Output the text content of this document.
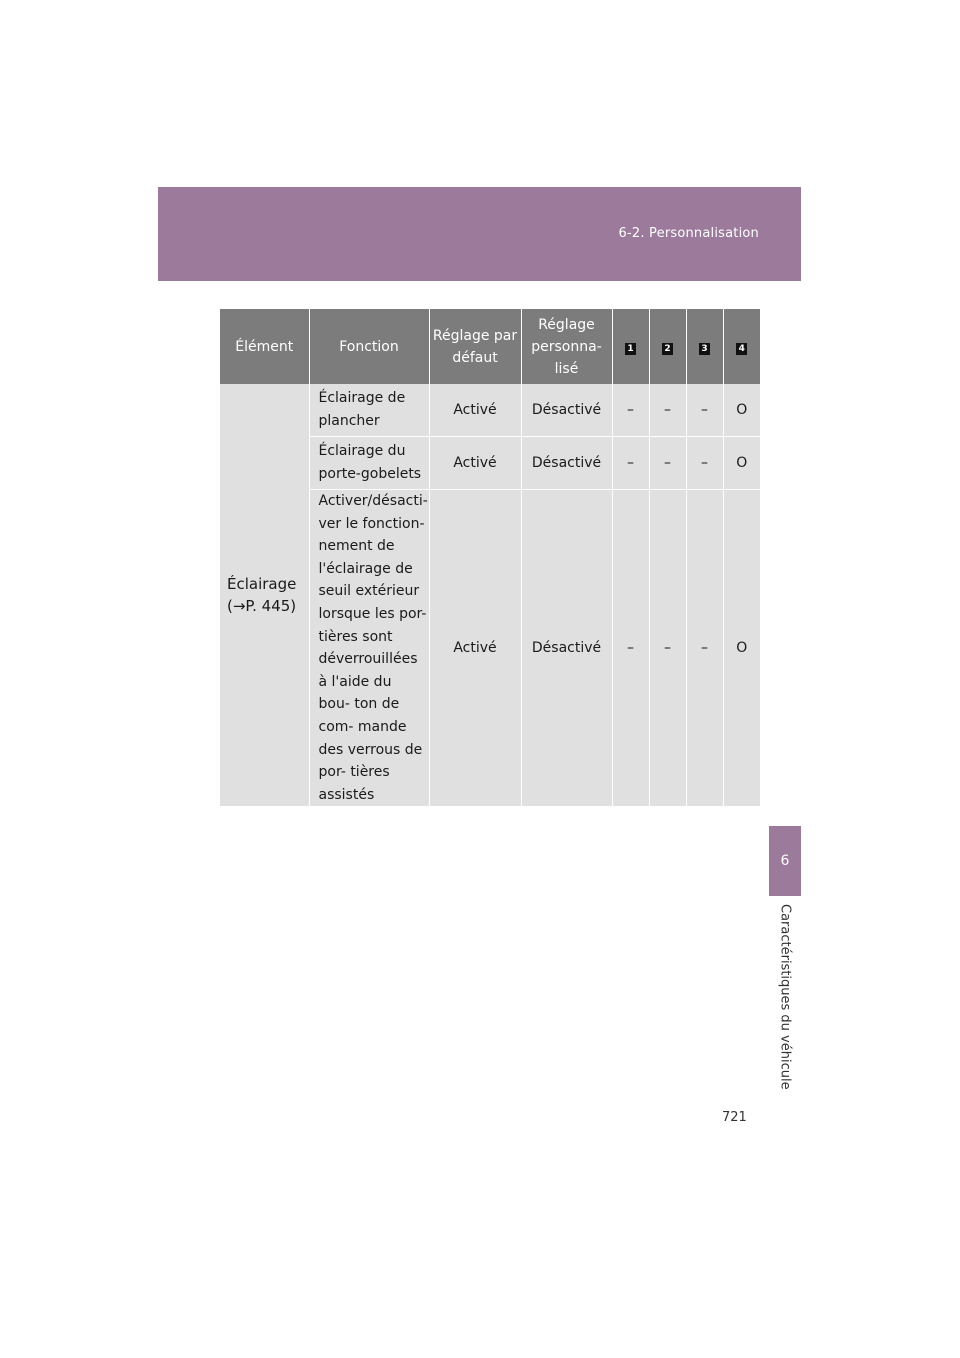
6-2. Personnalisation
Élément	Fonction	Réglage par défaut	Réglage personna- lisé	1	2	3	4
Éclairage (→P. 445)	Éclairage de plancher	Activé	Désactivé	–	–	–	O
	Éclairage du porte-gobelets	Activé	Désactivé	–	–	–	O
	Activer/désacti- ver le fonction- nement de l'éclairage de seuil extérieur lorsque les por- tières sont déverrouillées à l'aide du bou- ton de com- mande des verrous de por- tières assistés	Activé	Désactivé	–	–	–	O
6
Caractéristiques du véhicule
721
